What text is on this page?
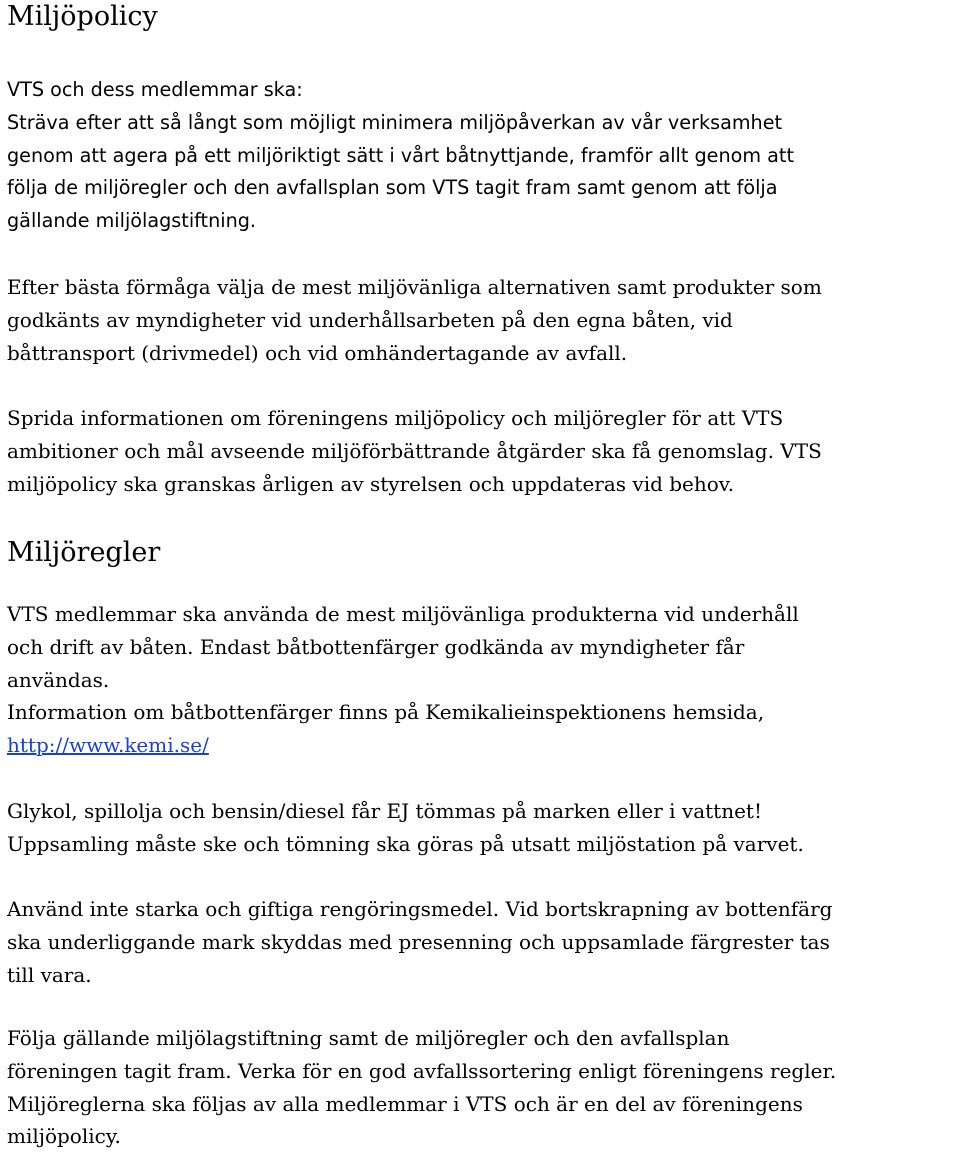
Miljöpolicy

VTS och dess medlemmar ska:
Sträva efter att så långt som möjligt minimera miljöpåverkan av vår verksamhet
genom att agera på ett miljöriktigt sätt i vårt båtnyttjande, framför allt genom att
följa de miljöregler och den avfallsplan som VTS tagit fram samt genom att följa
gällande miljölagstiftning.

Efter bästa förmåga välja de mest miljövänliga alternativen samt produkter som
godkänts av myndigheter vid underhållsarbeten på den egna båten, vid
båttransport (drivmedel) och vid omhändertagande av avfall.

Sprida informationen om föreningens miljöpolicy och miljöregler för att VTS
ambitioner och mål avseende miljöförbättrande åtgärder ska få genomslag. VTS
miljöpolicy ska granskas årligen av styrelsen och uppdateras vid behov.

Miljöregler

VTS medlemmar ska använda de mest miljövänliga produkterna vid underhåll
och drift av båten. Endast båtbottenfärger godkända av myndigheter får
användas.
Information om båtbottenfärger finns på Kemikalieinspektionens hemsida,
http://www.kemi.se/

Glykol, spillolja och bensin/diesel får EJ tömmas på marken eller i vattnet!
Uppsamling måste ske och tömning ska göras på utsatt miljöstation på varvet.

Använd inte starka och giftiga rengöringsmedel. Vid bortskrapning av bottenfärg
ska underliggande mark skyddas med presenning och uppsamlade färgrester tas
till vara.

Följa gällande miljölagstiftning samt de miljöregler och den avfallsplan
föreningen tagit fram. Verka för en god avfallssortering enligt föreningens regler.
Miljöreglerna ska följas av alla medlemmar i VTS och är en del av föreningens
miljöpolicy.
